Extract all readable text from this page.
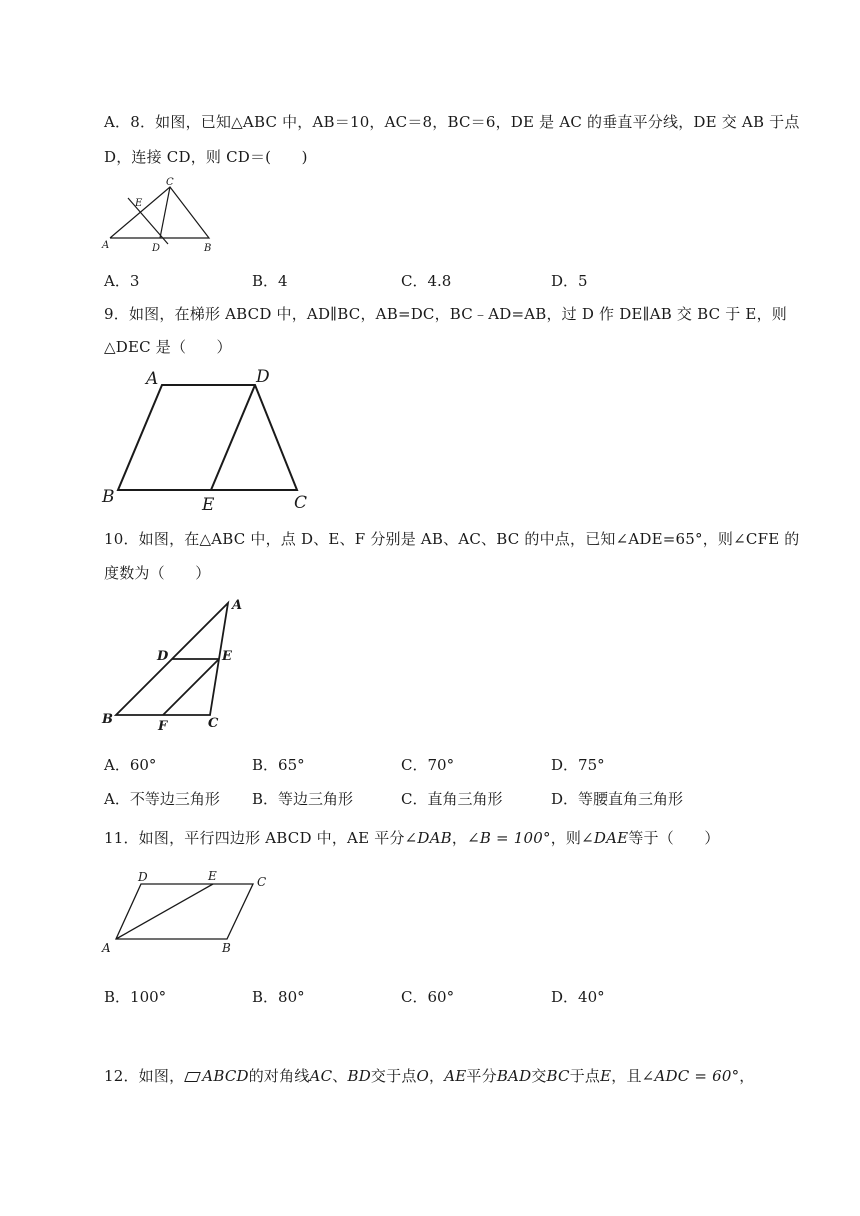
A．8．如图，已知△ABC 中，AB＝10，AC＝8，BC＝6，DE 是 AC 的垂直平分线，DE 交 AB 于点
D，连接 CD，则 CD＝(　　)
C
E
A	D	B
A．3	B．4	C．4.8	D．5
9．如图，在梯形 ABCD 中，AD∥BC，AB=DC，BC﹣AD=AB，过 D 作 DE∥AB 交 BC 于 E，则
△DEC 是（　　）
A	D
B	E	C
10．如图，在△ABC 中，点 D、E、F 分别是 AB、AC、BC 的中点，已知∠ADE=65°，则∠CFE 的
度数为（　　）
A
D	E
B	F	C
A．60°	B．65°	C．70°	D．75°
A．不等边三角形 B．等边三角形	C．直角三角形	D．等腰直角三角形
11．如图，平行四边形 ABCD 中，AE 平分∠DAB，∠B = 100°，则∠DAE等于（　　）
D	E	C
A	B
B．100°	B．80°	C．60°	D．40°
12．如图， ABCD的对角线AC、BD交于点O，AE平分BAD交BC于点E，且∠ADC = 60°，
